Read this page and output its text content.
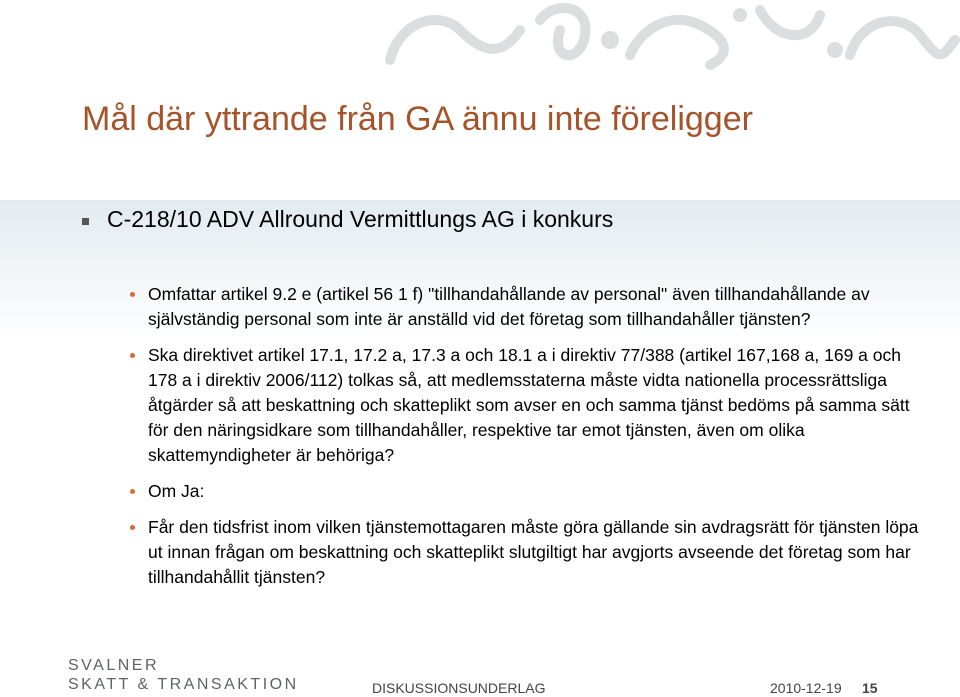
Mål där yttrande från GA ännu inte föreligger
C-218/10 ADV Allround Vermittlungs AG i konkurs
Omfattar artikel 9.2 e (artikel 56 1 f) "tillhandahållande av personal" även tillhandahållande av självständig personal som inte är anställd vid det företag som tillhandahåller tjänsten?
Ska direktivet artikel 17.1, 17.2 a, 17.3 a och 18.1 a i direktiv 77/388 (artikel 167,168 a, 169 a och 178 a i direktiv 2006/112) tolkas så, att medlemsstaterna måste vidta nationella processrättsliga åtgärder så att beskattning och skatteplikt som avser en och samma tjänst bedöms på samma sätt för den näringsidkare som tillhandahåller, respektive tar emot tjänsten, även om olika skattemyndigheter är behöriga?
Om Ja:
Får den tidsfrist inom vilken tjänstemottagaren måste göra gällande sin avdragsrätt för tjänsten löpa ut innan frågan om beskattning och skatteplikt slutgiltigt har avgjorts avseende det företag som har tillhandahållit tjänsten?
SVALNER
SKATT & TRANSAKTION	DISKUSSIONSUNDERLAG	2010-12-19 15
